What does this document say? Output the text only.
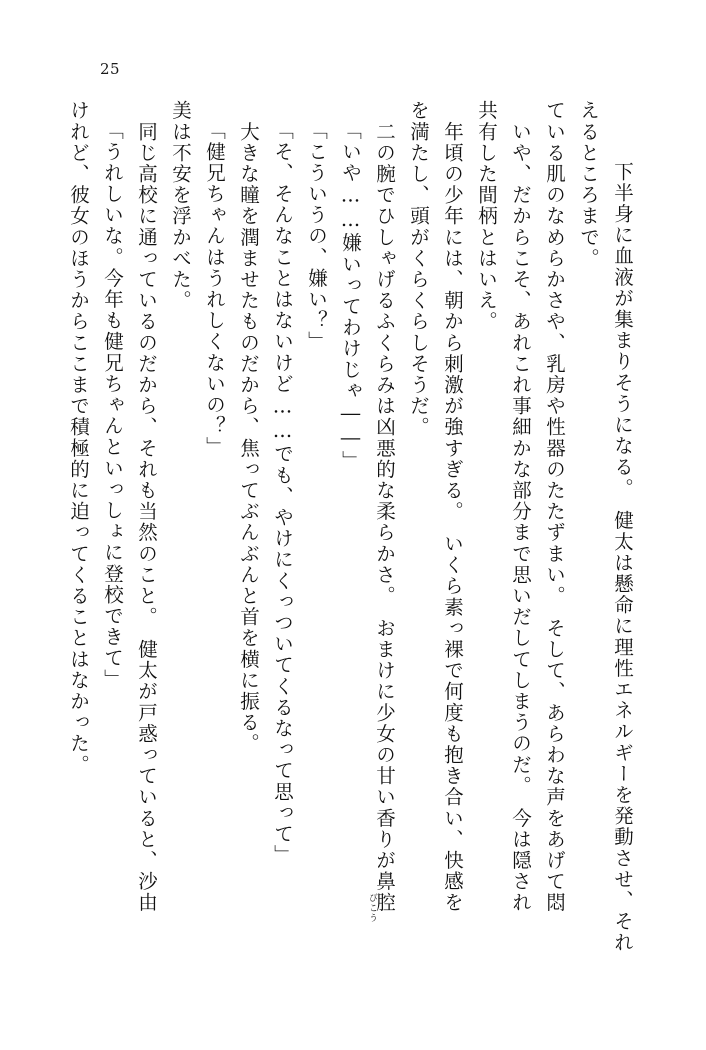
25
けれど、彼女のほうからここまで積極的に迫ってくることはなかった。 「うれしいな。今年も健兄ちゃんといっしょに登校できて」 　同じ高校に通っているのだから、それも当然のこと。　健太が戸惑っていると、沙由 美は不安を浮かべた。 「健兄ちゃんはうれしくないの？」 　大きな瞳を潤ませたものだから、焦ってぶんぶんと首を横に振る。 「そ、そんなことはないけど……でも、やけにくっついてくるなって思って」 「こういうの、嫌い？」 「いや……嫌いってわけじゃ――」 　二の腕でひしゃげるふくらみは凶悪的な柔らかさ。　おまけに少女の甘い香りが鼻腔 を満たし、頭がくらくらしそうだ。 　年頃の少年には、朝から刺激が強すぎる。　いくら素っ裸で何度も抱き合い、快感を 共有した間柄とはいえ。 　いや、だからこそ、あれこれ事細かな部分まで思いだしてしまうのだ。　今は隠され ている肌のなめらかさや、乳房や性器のたたずまい。　そして、あらわな声をあげて悶 えるところまで。 　下半身に血液が集まりそうになる。　健太は懸命に理性エネルギーを発動させ、それ
びこう
